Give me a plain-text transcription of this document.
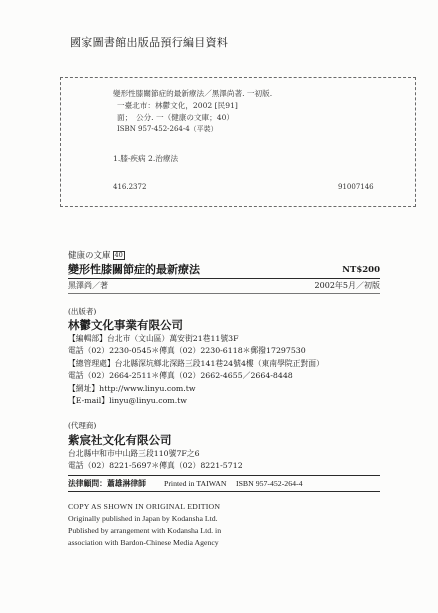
國家圖書館出版品預行編目資料
變形性膝關節症的最新療法／黑澤尚著. 一初版.
一臺北市：林鬱文化，2002 [民91]
面；　公分. 一（健康の文庫；40）
ISBN 957-452-264-4（平裝）
1.膝-疾病 2.治療法
416.2372	91007146
健康の文庫 40
變形性膝關節症的最新療法	NT$200
黑澤尚／著	2002年5月／初版
(出版者)
林鬱文化事業有限公司
【編輯部】台北市（文山區）萬安街21巷11號3F
電話（02）2230-0545＊傳真（02）2230-6118＊郵撥17297530
【總管理處】台北縣深坑鄉北深路三段141巷24號4樓（東南學院正對面）
電話（02）2664-2511＊傳真（02）2662-4655／2664-8448
【網址】http://www.linyu.com.tw
【E-mail】linyu@linyu.com.tw
(代理商)
紫宸社文化有限公司
台北縣中和市中山路三段110號7F之6
電話（02）8221-5697＊傳真（02）8221-5712
法律顧問：蕭雄淋律師 Printed in TAIWAN ISBN 957-452-264-4
COPY AS SHOWN IN ORIGINAL EDITION
Originally published in Japan by Kodansha Ltd.
Published by arrangement with Kodansha Ltd. in
association with Bardon-Chinese Media Agency
